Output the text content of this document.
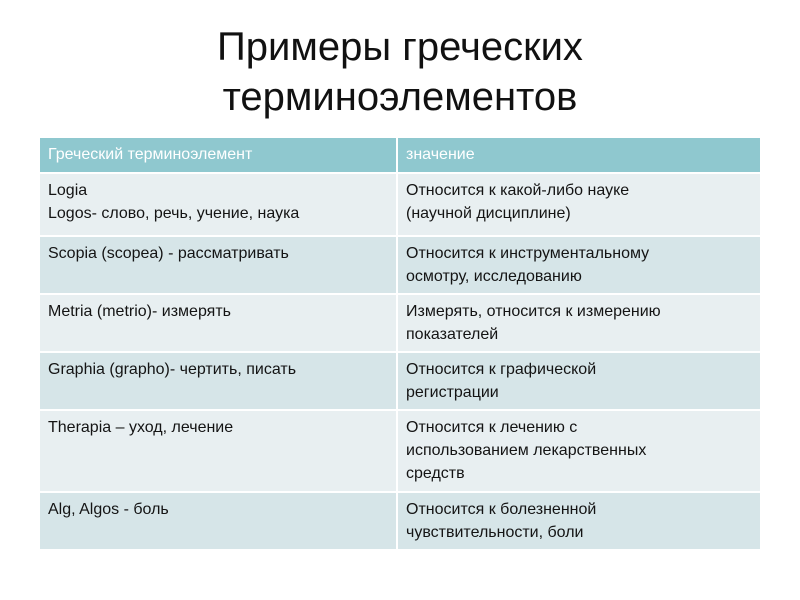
Примеры греческих
терминоэлементов
Греческий терминоэлемент	значение

Logia
Logos- слово, речь, учение, наука	Относится к какой-либо науке
(научной дисциплине)

Scopia (scopea) - рассматривать	Относится к инструментальному
осмотру, исследованию

Metria (metrio)- измерять	Измерять, относится к измерению
показателей

Graphia (grapho)- чертить, писать	Относится к графической
регистрации

Therapia – уход, лечение	Относится к лечению с
использованием лекарственных
средств

Alg, Algos - боль	Относится к болезненной
чувствительности, боли
